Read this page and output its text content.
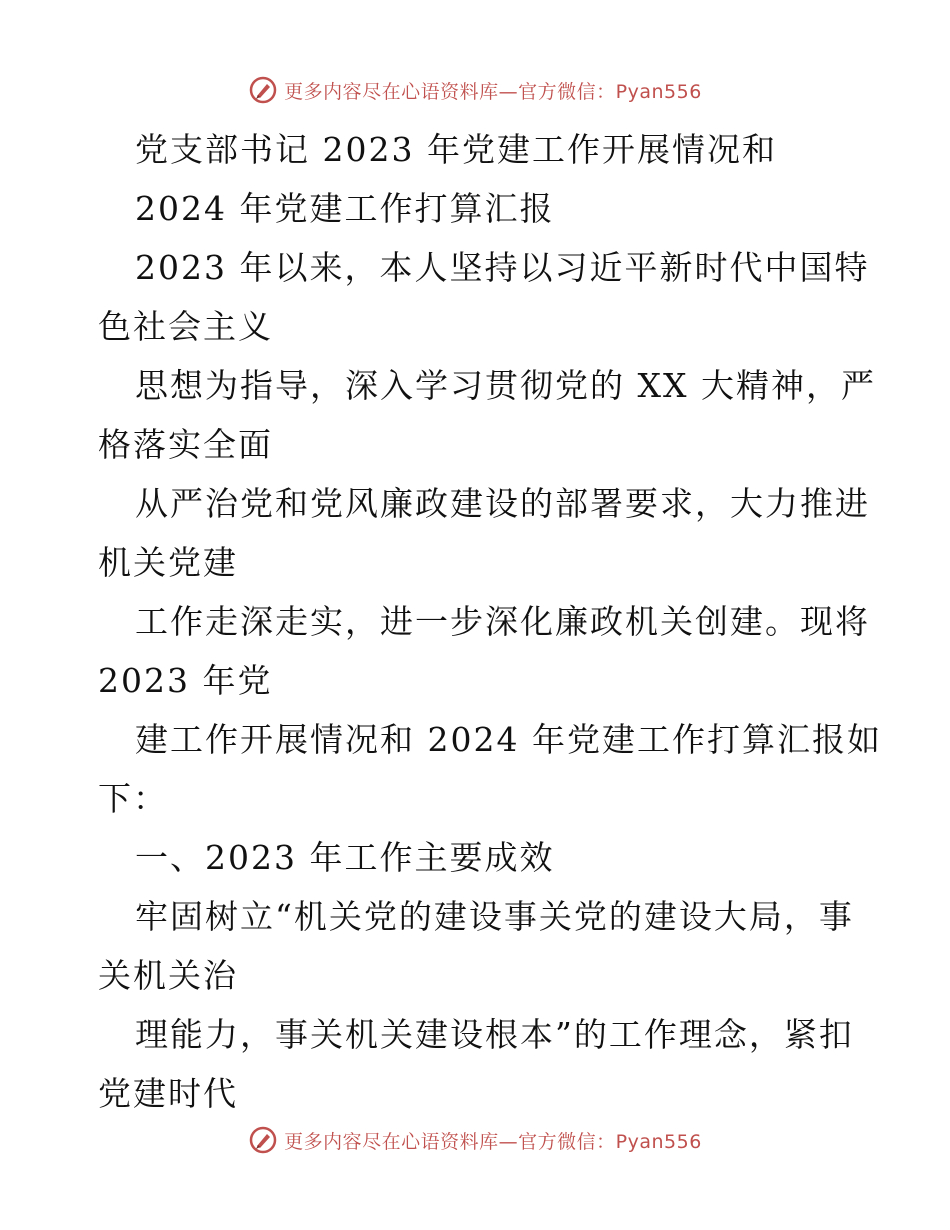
更多内容尽在心语资料库—官方微信：Pyan556
党支部书记 2023 年党建工作开展情况和
2024 年党建工作打算汇报
2023 年以来，本人坚持以习近平新时代中国特
色社会主义
思想为指导，深入学习贯彻党的 XX 大精神，严
格落实全面
从严治党和党风廉政建设的部署要求，大力推进
机关党建
工作走深走实，进一步深化廉政机关创建。现将
2023 年党
建工作开展情况和 2024 年党建工作打算汇报如
下：
一、2023 年工作主要成效
牢固树立“机关党的建设事关党的建设大局，事
关机关治
理能力，事关机关建设根本”的工作理念，紧扣
党建时代
更多内容尽在心语资料库—官方微信：Pyan556
